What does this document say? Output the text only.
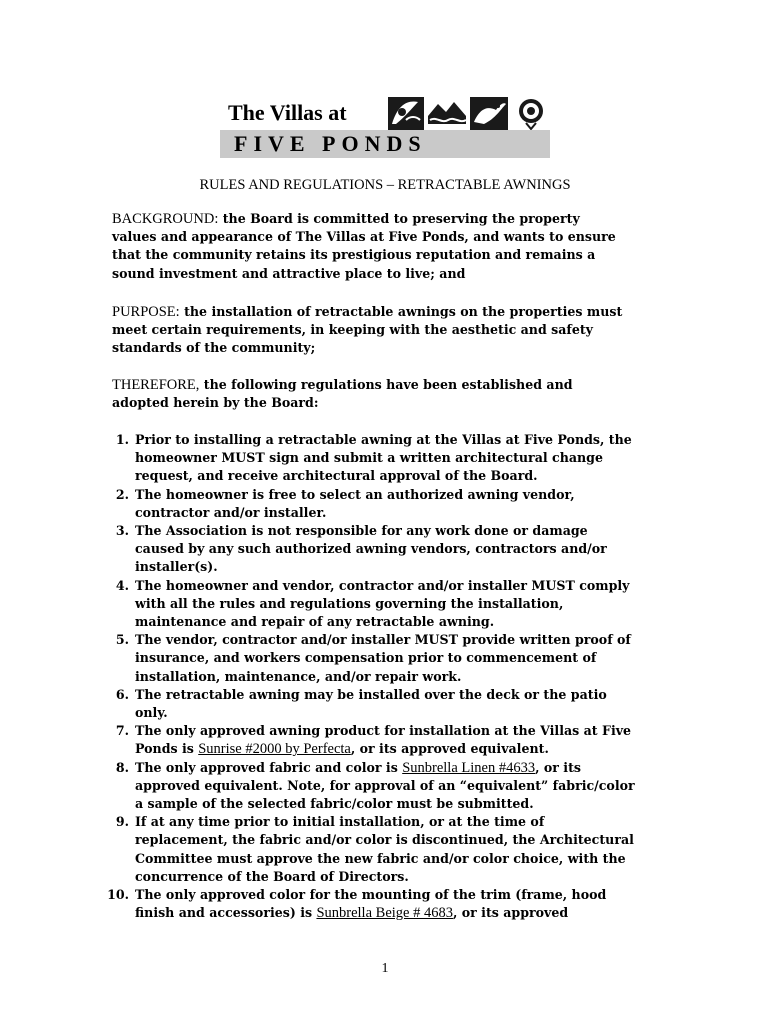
The Villas at
FIVE PONDS
RULES AND REGULATIONS – RETRACTABLE AWNINGS
BACKGROUND: the Board is committed to preserving the property
values and appearance of The Villas at Five Ponds, and wants to ensure
that the community retains its prestigious reputation and remains a
sound investment and attractive place to live; and
PURPOSE: the installation of retractable awnings on the properties must
meet certain requirements, in keeping with the aesthetic and safety
standards of the community;
THEREFORE, the following regulations have been established and
adopted herein by the Board:
1. Prior to installing a retractable awning at the Villas at Five Ponds, the
homeowner MUST sign and submit a written architectural change
request, and receive architectural approval of the Board.
2. The homeowner is free to select an authorized awning vendor,
contractor and/or installer.
3. The Association is not responsible for any work done or damage
caused by any such authorized awning vendors, contractors and/or
installer(s).
4. The homeowner and vendor, contractor and/or installer MUST comply
with all the rules and regulations governing the installation,
maintenance and repair of any retractable awning.
5. The vendor, contractor and/or installer MUST provide written proof of
insurance, and workers compensation prior to commencement of
installation, maintenance, and/or repair work.
6. The retractable awning may be installed over the deck or the patio
only.
7. The only approved awning product for installation at the Villas at Five
Ponds is Sunrise #2000 by Perfecta, or its approved equivalent.
8. The only approved fabric and color is Sunbrella Linen #4633, or its
approved equivalent. Note, for approval of an “equivalent” fabric/color
a sample of the selected fabric/color must be submitted.
9. If at any time prior to initial installation, or at the time of
replacement, the fabric and/or color is discontinued, the Architectural
Committee must approve the new fabric and/or color choice, with the
concurrence of the Board of Directors.
10. The only approved color for the mounting of the trim (frame, hood
finish and accessories) is Sunbrella Beige # 4683, or its approved
1
